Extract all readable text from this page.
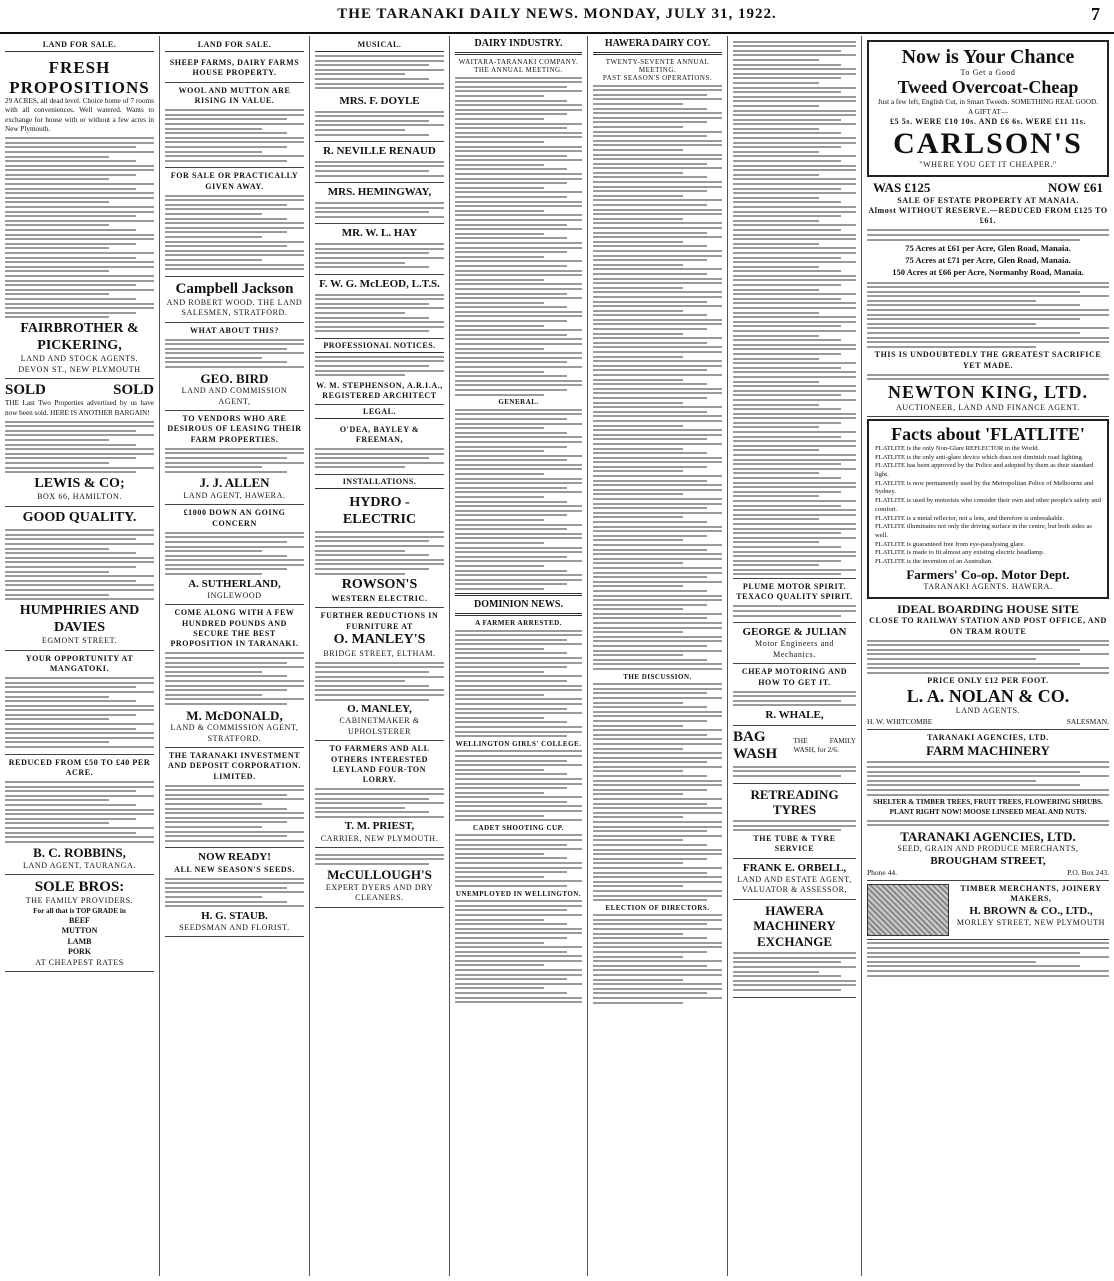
THE TARANAKI DAILY NEWS. MONDAY, JULY 31, 1922.	7
LAND FOR SALE.
FRESH PROPOSITIONS
29 ACRES, all dead level. Choice home of 7 rooms with all conveniences. Well watered. Wants to exchange for house with or without a few acres in New Plymouth.
FAIRBROTHER & PICKERING,
LAND AND STOCK AGENTS. DEVON ST., NEW PLYMOUTH
SOLD	SOLD
THE Last Two Properties advertised by us have now been sold. HERE IS ANOTHER BARGAIN!
LEWIS & CO;
BOX 66, HAMILTON.
GOOD QUALITY.
HUMPHRIES AND DAVIES
EGMONT STREET.
YOUR OPPORTUNITY AT MANGATOKI.
REDUCED FROM £50 TO £40 PER ACRE.
B. C. ROBBINS,
LAND AGENT, TAURANGA.
SOLE BROS:
THE FAMILY PROVIDERS.
For all that is TOP GRADE in
BEEF
MUTTON
LAMB
PORK
AT CHEAPEST RATES
LAND FOR SALE.
SHEEP FARMS, DAIRY FARMS HOUSE PROPERTY.
WOOL AND MUTTON ARE RISING IN VALUE.
FOR SALE OR PRACTICALLY GIVEN AWAY.
Campbell Jackson
AND ROBERT WOOD. THE LAND SALESMEN, STRATFORD.
WHAT ABOUT THIS?
GEO. BIRD
LAND AND COMMISSION AGENT,
TO VENDORS WHO ARE DESIROUS OF LEASING THEIR FARM PROPERTIES.
J. J. ALLEN
LAND AGENT, HAWERA.
£1000 DOWN AN GOING CONCERN
A. SUTHERLAND,
INGLEWOOD
COME ALONG WITH A FEW HUNDRED POUNDS AND SECURE THE BEST PROPOSITION IN TARANAKI.
M. McDONALD,
LAND & COMMISSION AGENT, STRATFORD.
THE TARANAKI INVESTMENT AND DEPOSIT CORPORATION. LIMITED.
NOW READY!
ALL NEW SEASON'S SEEDS.
H. G. STAUB.
SEEDSMAN AND FLORIST.
MUSICAL.
MRS. F. DOYLE
R. NEVILLE RENAUD
MRS. HEMINGWAY,
MR. W. L. HAY
F. W. G. McLEOD, L.T.S.
PROFESSIONAL NOTICES.
W. M. STEPHENSON, A.R.I.A., REGISTERED ARCHITECT
LEGAL.
O'DEA, BAYLEY & FREEMAN,
INSTALLATIONS.
HYDRO - ELECTRIC
ROWSON'S
WESTERN ELECTRIC.
FURTHER REDUCTIONS IN FURNITURE AT
O. MANLEY'S
BRIDGE STREET, ELTHAM.
O. MANLEY,
CABINETMAKER & UPHOLSTERER
TO FARMERS AND ALL OTHERS INTERESTED
LEYLAND FOUR-TON LORRY.
T. M. PRIEST,
CARRIER, NEW PLYMOUTH.
McCULLOUGH'S
EXPERT DYERS AND DRY CLEANERS.
DAIRY INDUSTRY.
WAITARA-TARANAKI COMPANY.
THE ANNUAL MEETING.
GENERAL.
DOMINION NEWS.
A FARMER ARRESTED.
WELLINGTON GIRLS' COLLEGE.
CADET SHOOTING CUP.
UNEMPLOYED IN WELLINGTON.
HAWERA DAIRY COY.
TWENTY-SEVENTE ANNUAL MEETING.
PAST SEASON'S OPERATIONS.
THE DISCUSSION.
ELECTION OF DIRECTORS.
PLUME MOTOR SPIRIT. TEXACO QUALITY SPIRIT.
GEORGE & JULIAN
Motor Engineers and Mechanics.
CHEAP MOTORING AND HOW TO GET IT.
R. WHALE,
BAG WASH
THE FAMILY WASH, for 2/6.
RETREADING TYRES
THE TUBE & TYRE SERVICE
FRANK E. ORBELL,
LAND AND ESTATE AGENT, VALUATOR & ASSESSOR,
HAWERA MACHINERY EXCHANGE
Now is Your Chance
To Get a Good
Tweed Overcoat-Cheap
Just a few left, English Cut, in Smart Tweeds. SOMETHING REAL GOOD. A GIFT AT—
£5 5s. WERE £10 10s. AND £6 6s. WERE £11 11s.
CARLSON'S
"WHERE YOU GET IT CHEAPER."
WAS £125	NOW £61
SALE OF ESTATE PROPERTY AT MANAIA.
Almost WITHOUT RESERVE.—REDUCED FROM £125 TO £61.
75 Acres at £61 per Acre, Glen Road, Manaia.
75 Acres at £71 per Acre, Glen Road, Manaia.
150 Acres at £66 per Acre, Normanby Road, Manaia.
THIS IS UNDOUBTEDLY THE GREATEST SACRIFICE YET MADE.
NEWTON KING, LTD.
AUCTIONEER, LAND AND FINANCE AGENT.
Facts about 'FLATLITE'
FLATLITE is the only Non-Glare REFLECTOR in the World.
FLATLITE is the only anti-glare device which does not diminish road lighting.
FLATLITE has been approved by the Police and adopted by them as their standard light.
FLATLITE is now permanently used by the Metropolitan Police of Melbourne and Sydney.
FLATLITE is used by motorists who consider their own and other people's safety and comfort.
FLATLITE is a metal reflector, not a lens, and therefore is unbreakable.
FLATLITE illuminates not only the driving surface in the centre, but both sides as well.
FLATLITE is guaranteed free from eye-paralysing glare.
FLATLITE is made to fit almost any existing electric headlamp.
FLATLITE is the invention of an Australian.
Farmers' Co-op. Motor Dept.
TARANAKI AGENTS. HAWERA.
IDEAL BOARDING HOUSE SITE
CLOSE TO RAILWAY STATION AND POST OFFICE, AND ON TRAM ROUTE
PRICE ONLY £12 PER FOOT.
L. A. NOLAN & CO.
LAND AGENTS.
H. W. WHITCOMBE	SALESMAN.
TARANAKI AGENCIES, LTD.
FARM MACHINERY
SHELTER & TIMBER TREES, FRUIT TREES, FLOWERING SHRUBS. PLANT RIGHT NOW! MOOSE LINSEED MEAL AND NUTS.
TARANAKI AGENCIES, LTD.
SEED, GRAIN AND PRODUCE MERCHANTS,
BROUGHAM STREET,
Phone 44.	P.O. Box 243.
TIMBER MERCHANTS, JOINERY MAKERS,
H. BROWN & CO., LTD.,
MORLEY STREET, NEW PLYMOUTH
